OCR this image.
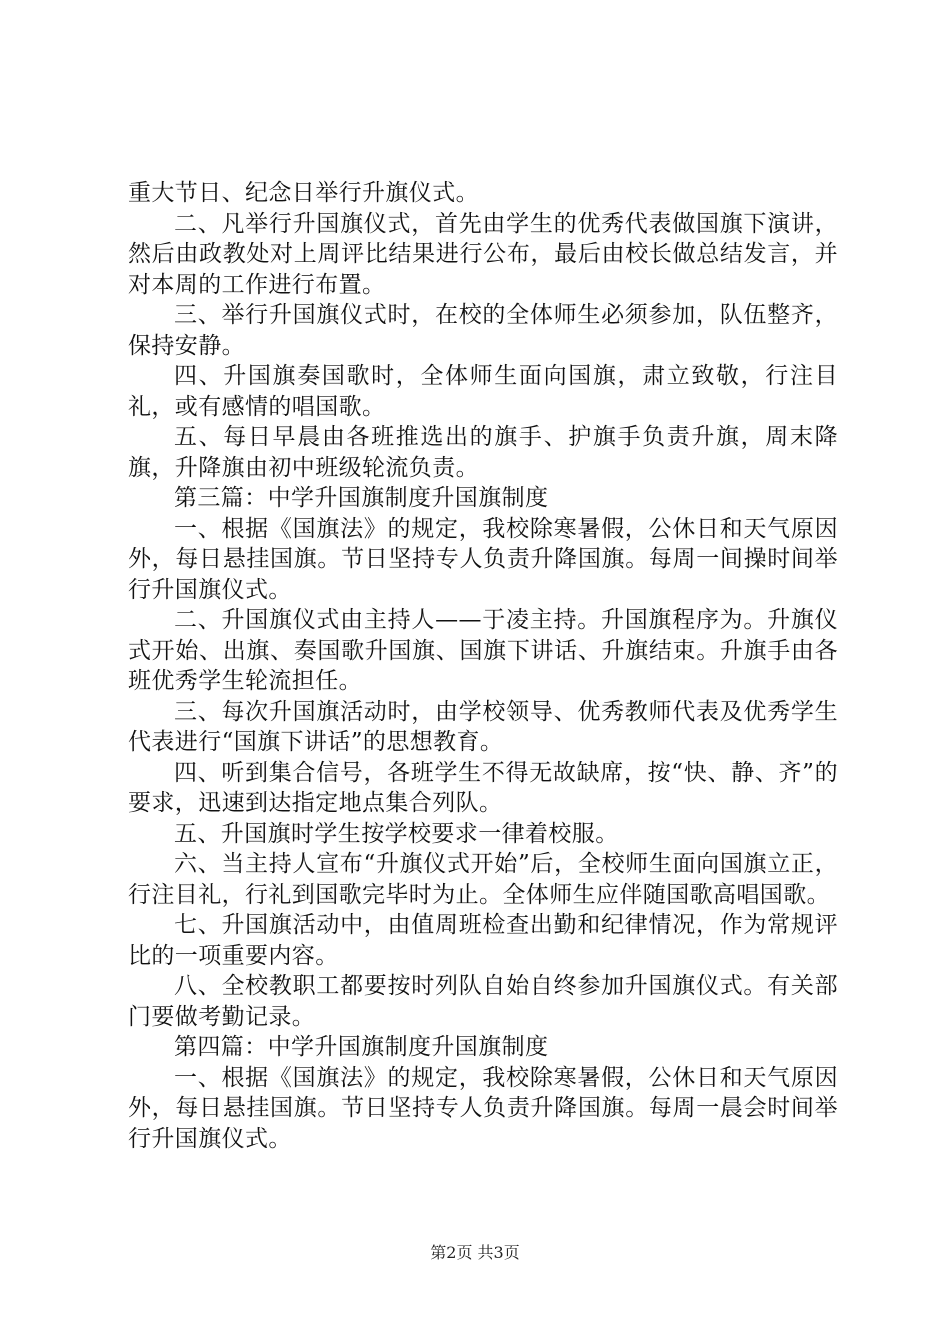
重大节日、纪念日举行升旗仪式。

二、凡举行升国旗仪式，首先由学生的优秀代表做国旗下演讲，然后由政教处对上周评比结果进行公布，最后由校长做总结发言，并对本周的工作进行布置。

三、举行升国旗仪式时，在校的全体师生必须参加，队伍整齐，保持安静。

四、升国旗奏国歌时，全体师生面向国旗，肃立致敬，行注目礼，或有感情的唱国歌。

五、每日早晨由各班推选出的旗手、护旗手负责升旗，周末降旗，升降旗由初中班级轮流负责。

第三篇：中学升国旗制度升国旗制度

一、根据《国旗法》的规定，我校除寒暑假，公休日和天气原因外，每日悬挂国旗。节日坚持专人负责升降国旗。每周一间操时间举行升国旗仪式。

二、升国旗仪式由主持人——于凌主持。升国旗程序为。升旗仪式开始、出旗、奏国歌升国旗、国旗下讲话、升旗结束。升旗手由各班优秀学生轮流担任。

三、每次升国旗活动时，由学校领导、优秀教师代表及优秀学生代表进行“国旗下讲话”的思想教育。

四、听到集合信号，各班学生不得无故缺席，按“快、静、齐”的要求，迅速到达指定地点集合列队。

五、升国旗时学生按学校要求一律着校服。

六、当主持人宣布“升旗仪式开始”后，全校师生面向国旗立正，行注目礼，行礼到国歌完毕时为止。全体师生应伴随国歌高唱国歌。

七、升国旗活动中，由值周班检查出勤和纪律情况，作为常规评比的一项重要内容。

八、全校教职工都要按时列队自始自终参加升国旗仪式。有关部门要做考勤记录。

第四篇：中学升国旗制度升国旗制度

一、根据《国旗法》的规定，我校除寒暑假，公休日和天气原因外，每日悬挂国旗。节日坚持专人负责升降国旗。每周一晨会时间举行升国旗仪式。

第2页 共3页
